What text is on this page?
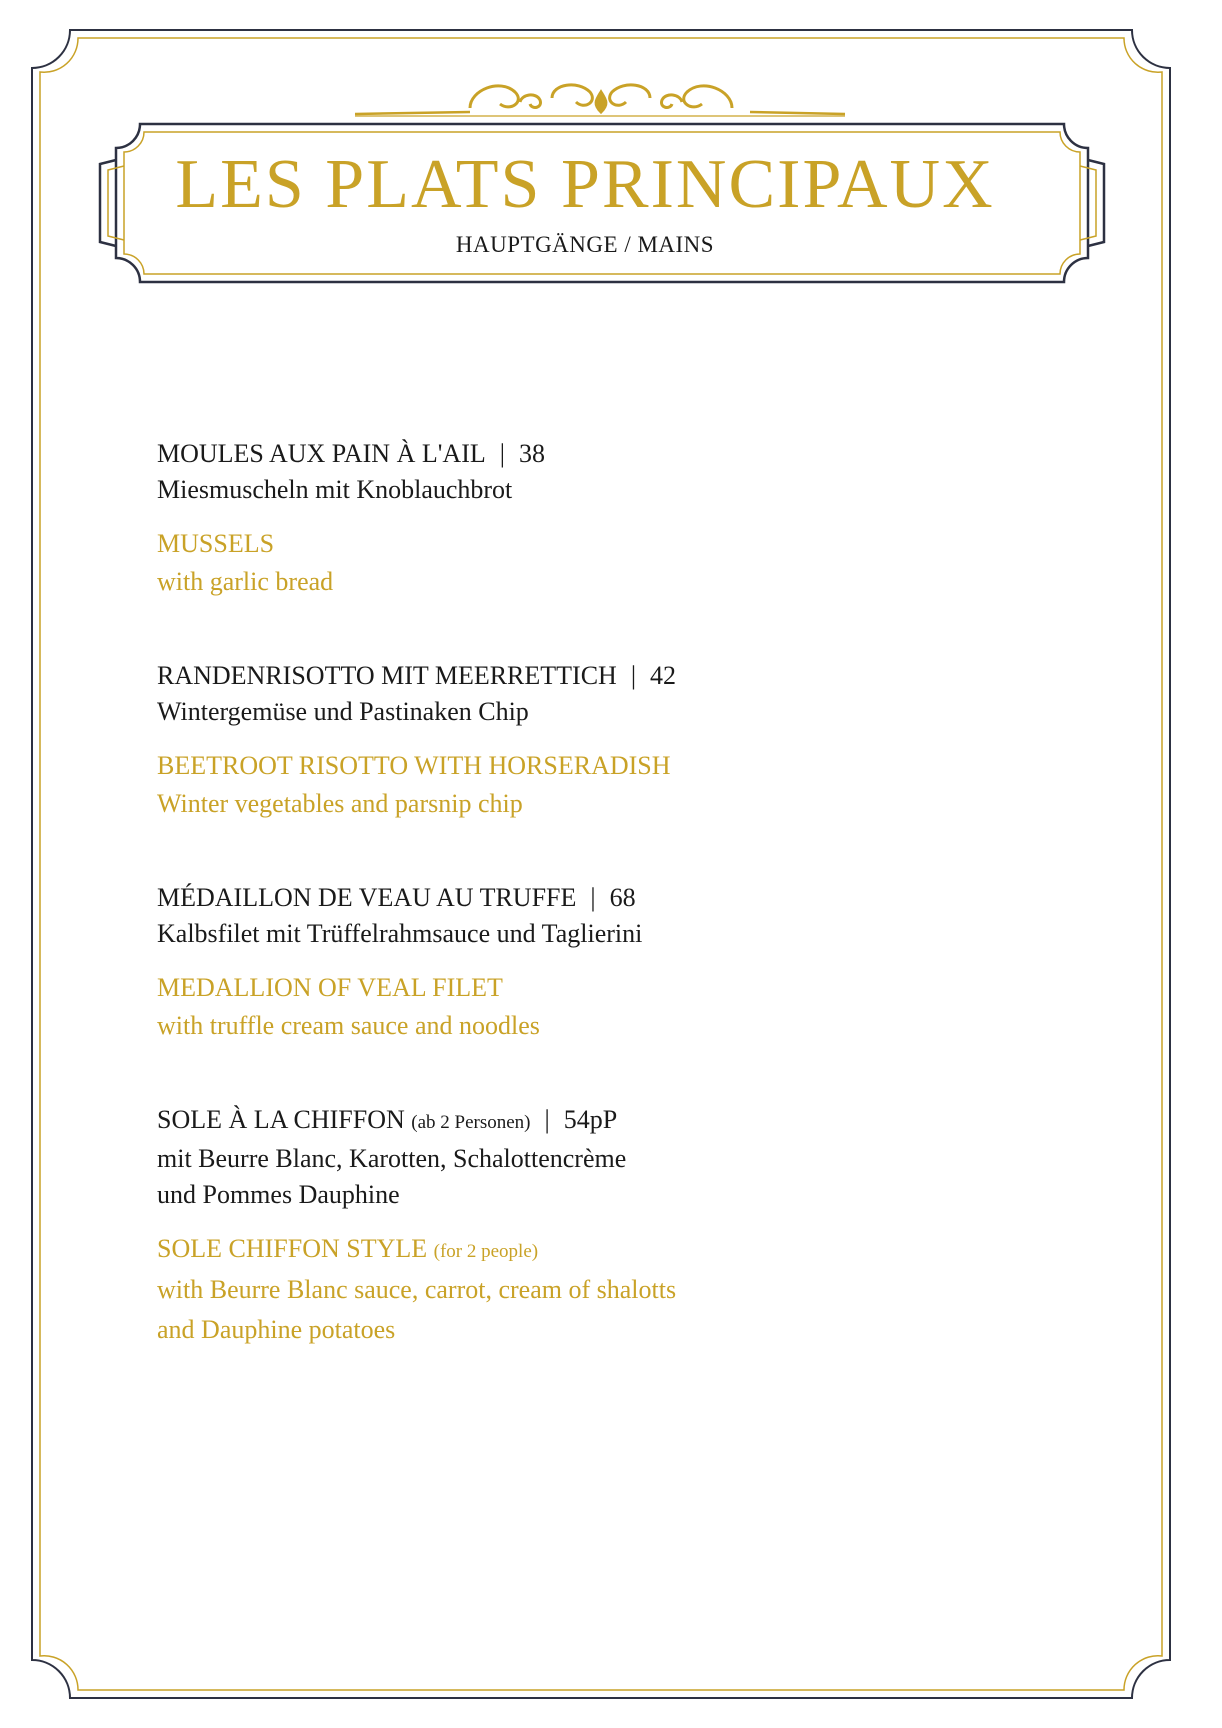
LES PLATS PRINCIPAUX
HAUPTGÄNGE / MAINS
MOULES AUX PAIN À L'AIL | 38
Miesmuscheln mit Knoblauchbrot
MUSSELS
with garlic bread
RANDENRISOTTO MIT MEERRETTICH | 42
Wintergemüse und Pastinaken Chip
BEETROOT RISOTTO WITH HORSERADISH
Winter vegetables and parsnip chip
MÉDAILLON DE VEAU AU TRUFFE | 68
Kalbsfilet mit Trüffelrahmsauce und Taglierini
MEDALLION OF VEAL FILET
with truffle cream sauce and noodles
SOLE À LA CHIFFON (ab 2 Personen) | 54pP
mit Beurre Blanc, Karotten, Schalottencrème
und Pommes Dauphine
SOLE CHIFFON STYLE (for 2 people)
with Beurre Blanc sauce, carrot, cream of shalotts
and Dauphine potatoes
